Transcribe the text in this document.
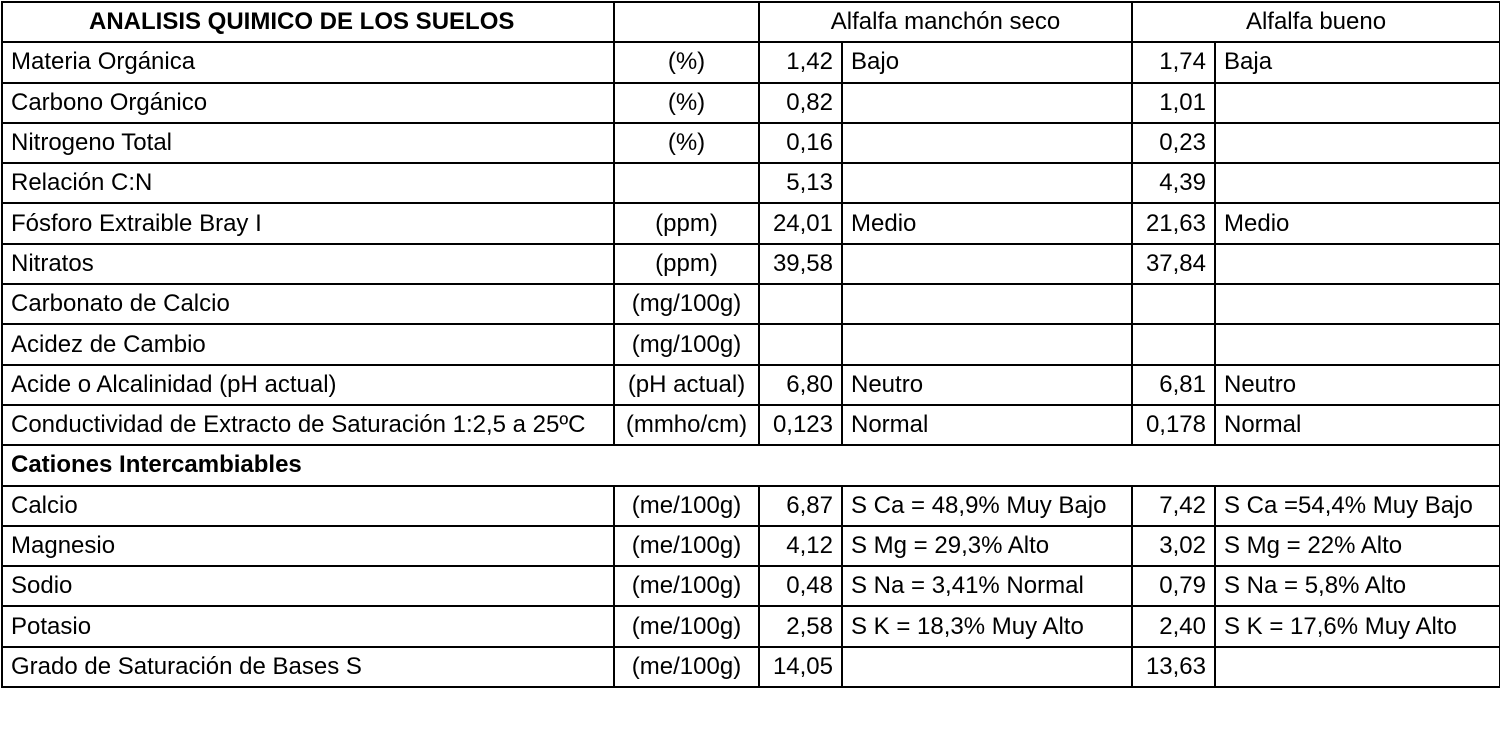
ANALISIS QUIMICO DE LOS SUELOS		Alfalfa manchón seco		Alfalfa bueno	
Materia Orgánica	(%)	1,42	Bajo	1,74	Baja
Carbono Orgánico	(%)	0,82		1,01	
Nitrogeno Total	(%)	0,16		0,23	
Relación C:N		5,13		4,39	
Fósforo Extraible Bray I	(ppm)	24,01	Medio	21,63	Medio
Nitratos	(ppm)	39,58		37,84	
Carbonato de Calcio	(mg/100g)				
Acidez de Cambio	(mg/100g)				
Acide o Alcalinidad (pH actual)	(pH actual)	6,80	Neutro	6,81	Neutro
Conductividad de Extracto de Saturación 1:2,5 a 25ºC	(mmho/cm)	0,123	Normal	0,178	Normal
Cationes Intercambiables					
Calcio	(me/100g)	6,87	S Ca = 48,9% Muy Bajo	7,42	S Ca =54,4% Muy Bajo
Magnesio	(me/100g)	4,12	S Mg = 29,3% Alto	3,02	S Mg = 22% Alto
Sodio	(me/100g)	0,48	S Na = 3,41% Normal	0,79	S Na = 5,8% Alto
Potasio	(me/100g)	2,58	S K = 18,3% Muy Alto	2,40	S K = 17,6% Muy Alto
Grado de Saturación de Bases S	(me/100g)	14,05		13,63	
